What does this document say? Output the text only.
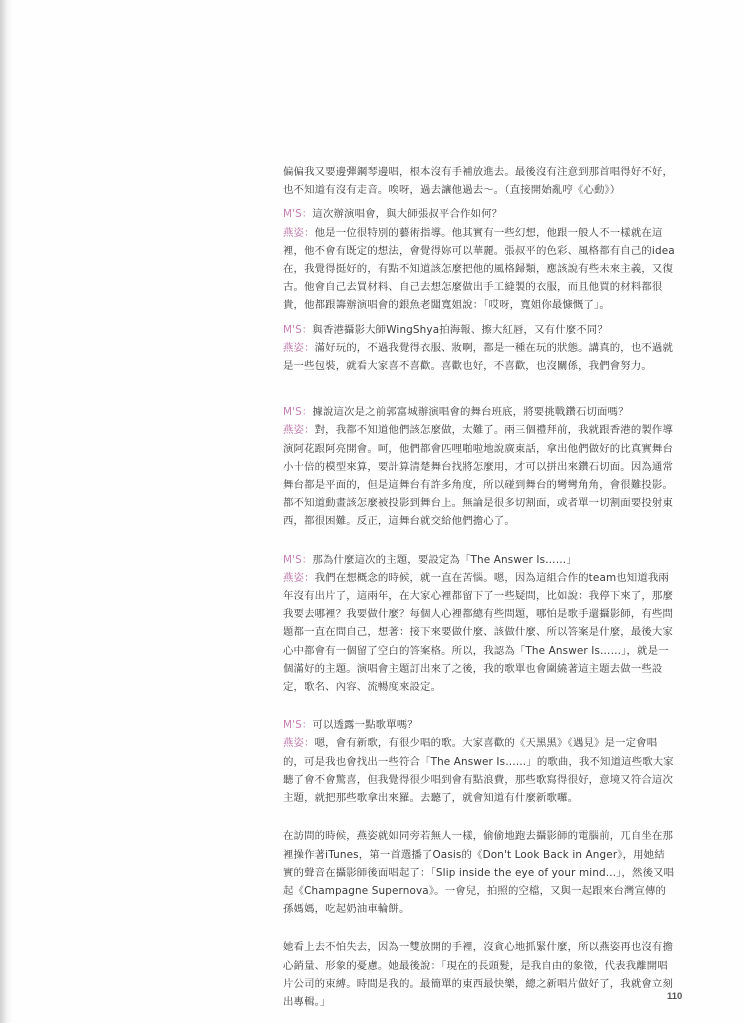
偏偏我又要邊彈鋼琴邊唱，根本沒有手補放進去。最後沒有注意到那首唱得好不好，也不知道有沒有走音。唉呀，過去讓他過去～。（直接開始亂哼《心動》）

M'S：這次辦演唱會，與大師張叔平合作如何？

燕姿：他是一位很特別的藝術指導。他其實有一些幻想，他跟一般人不一樣就在這裡，他不會有既定的想法，會覺得妳可以華麗。張叔平的色彩、風格都有自己的idea在，我覺得挺好的，有點不知道該怎麼把他的風格歸類，應該說有些未來主義，又復古。他會自己去買材料、自己去想怎麼做出手工縫製的衣服，而且他買的材料都很貴，他都跟籌辦演唱會的銀魚老闆寬姐說：「哎呀，寬姐你最慷慨了」。

M'S：與香港攝影大師WingShya拍海報、擦大紅唇，又有什麼不同？

燕姿：滿好玩的，不過我覺得衣服、妝啊，都是一種在玩的狀態。講真的，也不過就是一些包裝，就看大家喜不喜歡。喜歡也好，不喜歡，也沒關係，我們會努力。

M'S：據說這次是之前郭富城辦演唱會的舞台班底，將要挑戰鑽石切面嗎？

燕姿：對，我都不知道他們該怎麼做，太難了。兩三個禮拜前，我就跟香港的製作導演阿花跟阿亮開會。呵，他們都會匹哩啪啦地說廣東話，拿出他們做好的比真實舞台小十倍的模型來算，要計算清楚舞台找將怎麼用，才可以拼出來鑽石切面。因為通常舞台都是平面的，但是這舞台有許多角度，所以碰到舞台的彎彎角角，會很難投影。都不知道動畫該怎麼被投影到舞台上。無論是很多切割面，或者單一切割面要投射東西，都很困難。反正，這舞台就交給他們擔心了。

M'S：那為什麼這次的主題，要設定為「The Answer Is……」

燕姿：我們在想概念的時候，就一直在苦惱。嗯，因為這組合作的team也知道我兩年沒有出片了，這兩年，在大家心裡都留下了一些疑問，比如說：我停下來了，那麼我要去哪裡？我要做什麼？每個人心裡都總有些問題，哪怕是歌手還攝影師，有些問題都一直在問自己，想著：接下來要做什麼、該做什麼、所以答案是什麼，最後大家心中都會有一個留了空白的答案格。所以，我認為「The Answer Is……」，就是一個滿好的主題。演唱會主題訂出來了之後，我的歌單也會圍繞著這主題去做一些設定，歌名、內容、流暢度來設定。

M'S：可以透露一點歌單嗎？

燕姿：嗯，會有新歌，有很少唱的歌。大家喜歡的《天黑黑》《遇見》是一定會唱的，可是我也會找出一些符合「The Answer Is……」的歌曲，我不知道這些歌大家聽了會不會驚喜，但我覺得很少唱到會有點浪費，那些歌寫得很好，意境又符合這次主題，就把那些歌拿出來羅。去聽了，就會知道有什麼新歌囉。

在訪問的時候，燕姿就如同旁若無人一樣，偷偷地跑去攝影師的電腦前，兀自坐在那裡操作著iTunes，第一首選播了Oasis的《Don't Look Back in Anger》，用她結實的聲音在攝影師後面唱起了：「Slip inside the eye of your mind...」，然後又唱起《Champagne Supernova》。一會兒，拍照的空檔，又與一起跟來台灣宣傳的孫媽媽，吃起奶油車輪餅。

她看上去不怕失去，因為一雙放開的手裡，沒貪心地抓緊什麼，所以燕姿再也沒有擔心銷量、形象的憂慮。她最後說：「現在的長頭髮，是我自由的象徵，代表我離開唱片公司的束縛。時間是我的。最簡單的東西最快樂，總之新唱片做好了，我就會立刻出專輯。」	110
